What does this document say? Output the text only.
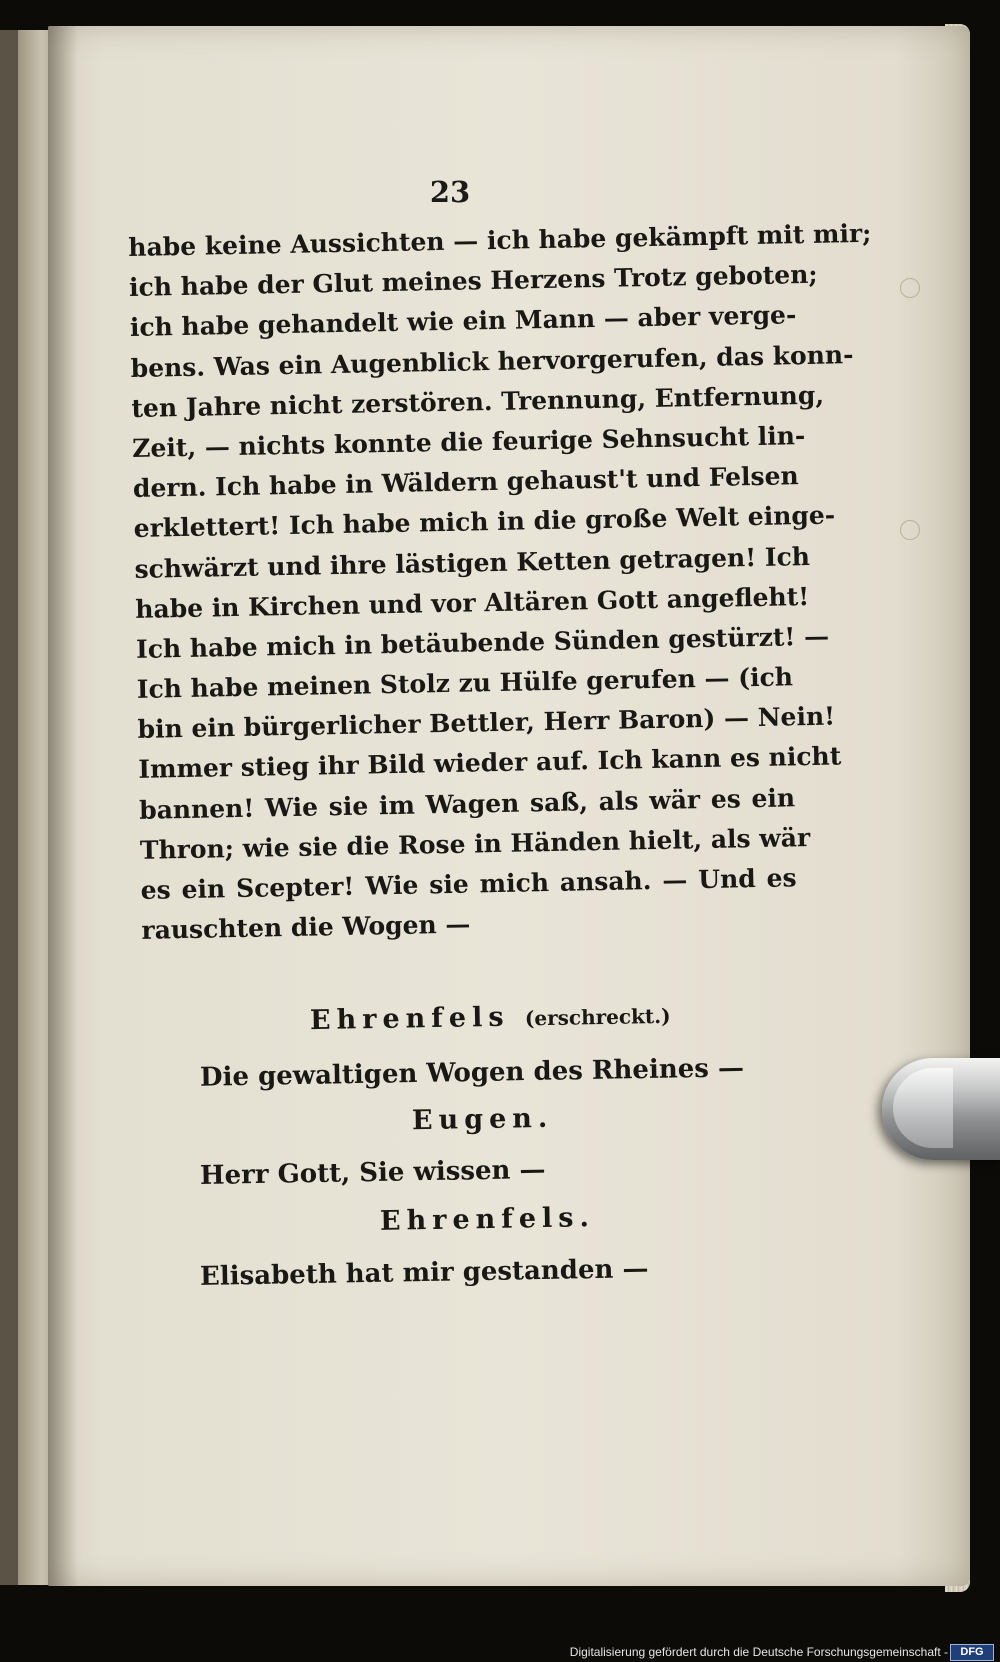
23
habe keine Aussichten — ich habe gekämpft mit mir;
ich habe der Glut meines Herzens Trotz geboten;
ich habe gehandelt wie ein Mann — aber verge-
bens. Was ein Augenblick hervorgerufen, das konn-
ten Jahre nicht zerstören. Trennung, Entfernung,
Zeit, — nichts konnte die feurige Sehnsucht lin-
dern. Ich habe in Wäldern gehaust't und Felsen
erklettert! Ich habe mich in die große Welt einge-
schwärzt und ihre lästigen Ketten getragen! Ich
habe in Kirchen und vor Altären Gott angefleht!
Ich habe mich in betäubende Sünden gestürzt! —
Ich habe meinen Stolz zu Hülfe gerufen — (ich
bin ein bürgerlicher Bettler, Herr Baron) — Nein!
Immer stieg ihr Bild wieder auf. Ich kann es nicht
bannen! Wie sie im Wagen saß, als wär es ein
Thron; wie sie die Rose in Händen hielt, als wär
es ein Scepter! Wie sie mich ansah. — Und es
rauschten die Wogen —
Ehrenfels (erschreckt.)
Die gewaltigen Wogen des Rheines —
Eugen.
Herr Gott, Sie wissen —
Ehrenfels.
Elisabeth hat mir gestanden —
Digitalisierung gefördert durch die Deutsche Forschungsgemeinschaft -	DFG
